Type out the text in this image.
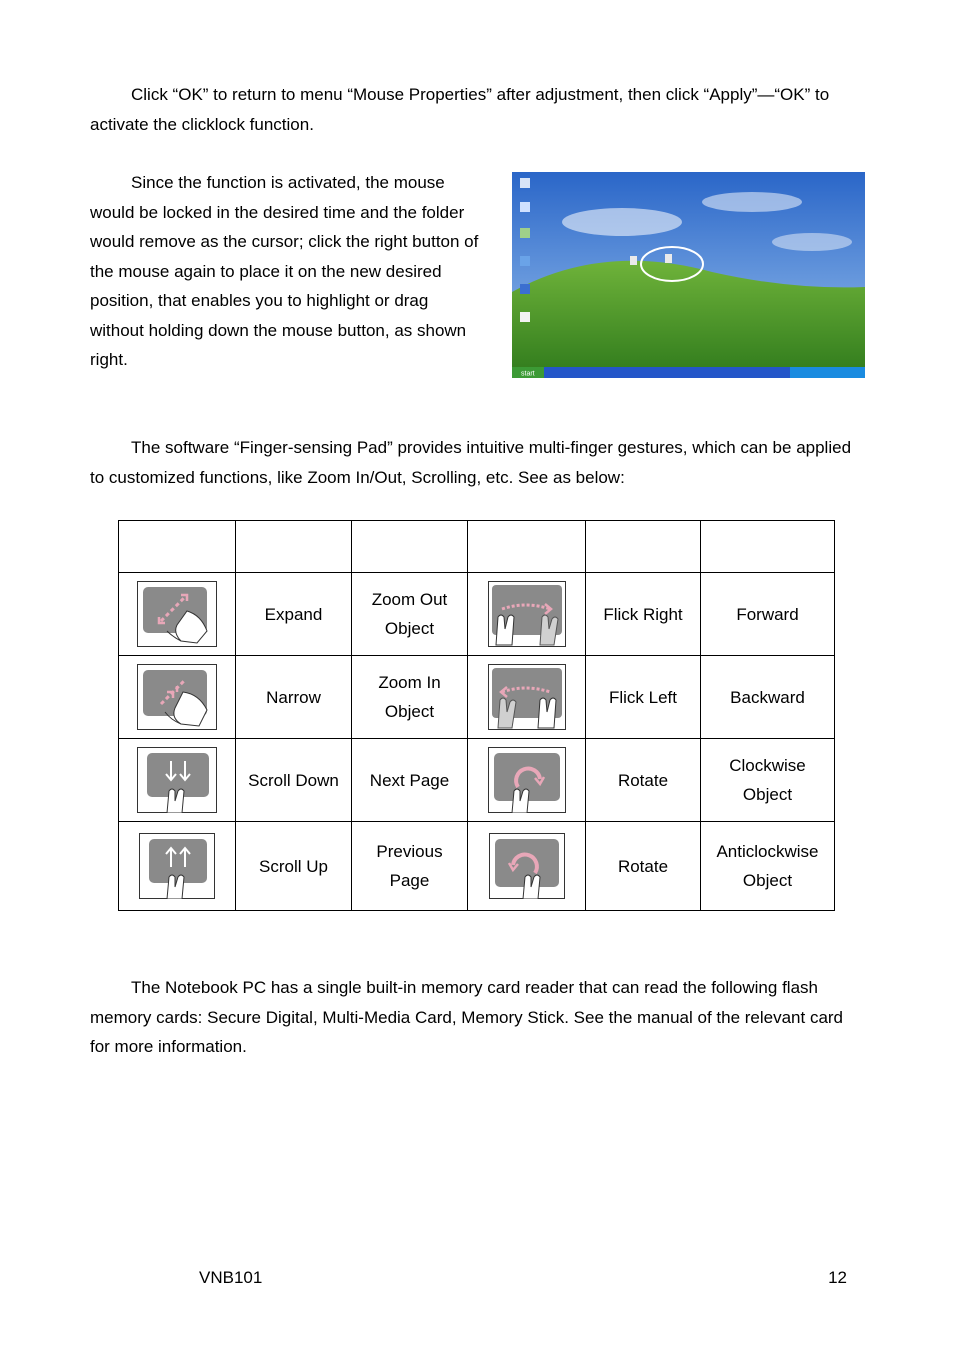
Click “OK” to return to menu “Mouse Properties” after adjustment, then click “Apply”—“OK” to activate the clicklock function.

Since the function is activated, the mouse would be locked in the desired time and the folder would remove as the cursor; click the right button of the mouse again to place it on the new desired position, that enables you to highlight or drag without holding down the mouse button, as shown right.

start

The software “Finger-sensing Pad” provides intuitive multi-finger gestures, which can be applied to customized functions, like Zoom In/Out, Scrolling, etc. See as below:

	Expand	Zoom Out Object		Flick Right	Forward

	Narrow	Zoom In Object		Flick Left	Backward

	Scroll Down	Next Page		Rotate	Clockwise Object

	Scroll Up	Previous Page		Rotate	Anticlockwise Object

The Notebook PC has a single built-in memory card reader that can read the following flash memory cards: Secure Digital, Multi-Media Card, Memory Stick. See the manual of the relevant card for more information.

VNB101	12
